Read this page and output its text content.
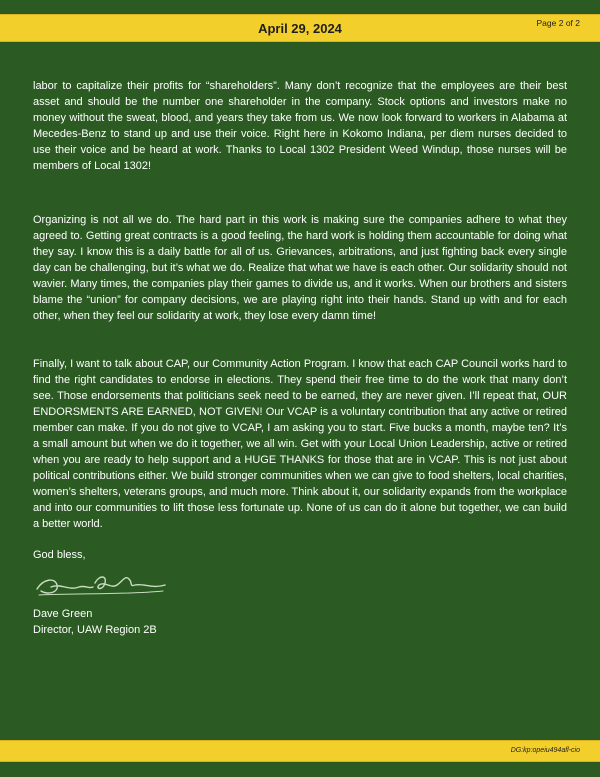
April 29, 2024	Page 2 of 2

labor to capitalize their profits for “shareholders”. Many don’t recognize that the employees are their best asset and should be the number one shareholder in the company. Stock options and investors make no money without the sweat, blood, and years they take from us. We now look forward to workers in Alabama at Mecedes-Benz to stand up and use their voice. Right here in Kokomo Indiana, per diem nurses decided to use their voice and be heard at work. Thanks to Local 1302 President Weed Windup, those nurses will be members of Local 1302!

Organizing is not all we do. The hard part in this work is making sure the companies adhere to what they agreed to. Getting great contracts is a good feeling, the hard work is holding them accountable for doing what they say. I know this is a daily battle for all of us. Grievances, arbitrations, and just fighting back every single day can be challenging, but it’s what we do. Realize that what we have is each other. Our solidarity should not wavier. Many times, the companies play their games to divide us, and it works. When our brothers and sisters blame the “union” for company decisions, we are playing right into their hands. Stand up with and for each other, when they feel our solidarity at work, they lose every damn time!

Finally, I want to talk about CAP, our Community Action Program. I know that each CAP Council works hard to find the right candidates to endorse in elections. They spend their free time to do the work that many don’t see. Those endorsements that politicians seek need to be earned, they are never given. I’ll repeat that, OUR ENDORSMENTS ARE EARNED, NOT GIVEN! Our VCAP is a voluntary contribution that any active or retired member can make. If you do not give to VCAP, I am asking you to start. Five bucks a month, maybe ten? It’s a small amount but when we do it together, we all win. Get with your Local Union Leadership, active or retired when you are ready to help support and a HUGE THANKS for those that are in VCAP. This is not just about political contributions either. We build stronger communities when we can give to food shelters, local charities, women’s shelters, veterans groups, and much more. Think about it, our solidarity expands from the workplace and into our communities to lift those less fortunate up. None of us can do it alone but together, we can build a better world.

God bless,
Dave Green
Director, UAW Region 2B
DG:kp:opeiu494afl-cio
